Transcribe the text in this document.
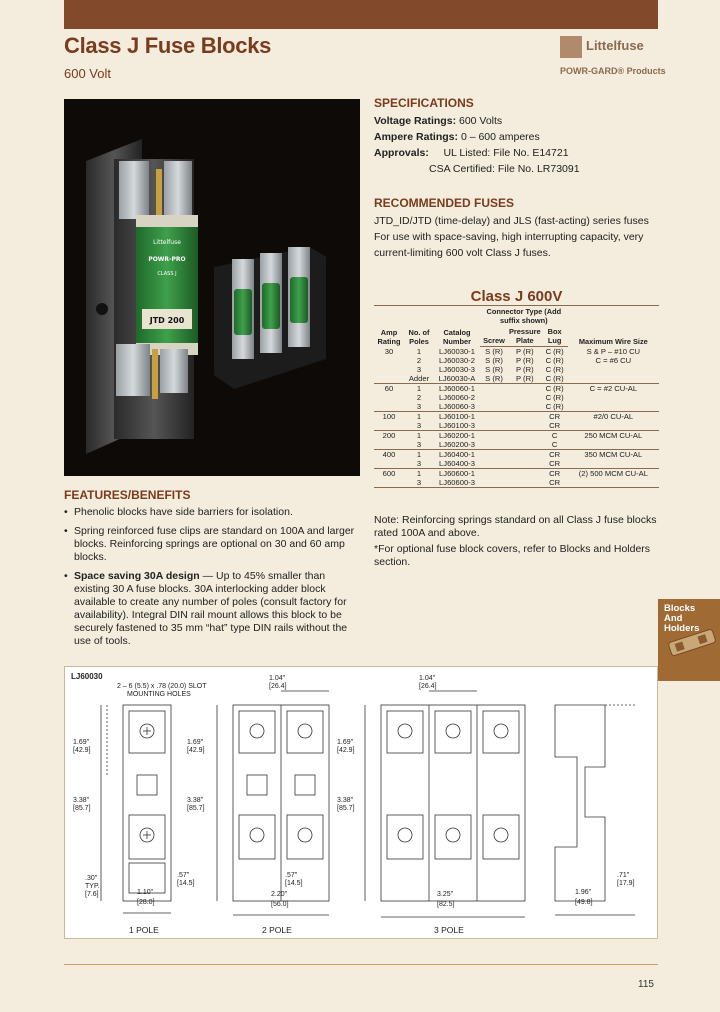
Class J Fuse Blocks
600 Volt
Littelfuse
POWR-GARD® Products
JTD 200
Littelfuse
POWR-PRO
CLASS J
SPECIFICATIONS
Voltage Ratings: 600 Volts
Ampere Ratings: 0 – 600 amperes
Approvals: UL Listed: File No. E14721
CSA Certified: File No. LR73091
RECOMMENDED FUSES
JTD_ID/JTD (time-delay) and JLS (fast-acting) series fuses
For use with space-saving, high interrupting capacity, very current-limiting 600 volt Class J fuses.
Class J 600V
Amp Rating	No. of Poles	Catalog Number	Connector Type (Add suffix shown)			Maximum Wire Size
			Screw	Pressure Plate	Box Lug	
30	1	LJ60030-1	S (R)	P (R)	C (R)	S & P – #10 CU
	2	LJ60030-2	S (R)	P (R)	C (R)	C = #6 CU
	3	LJ60030-3	S (R)	P (R)	C (R)	
	Adder	LJ60030-A	S (R)	P (R)	C (R)	
60	1	LJ60060-1			C (R)	C = #2 CU-AL
	2	LJ60060-2			C (R)	
	3	LJ60060-3			C (R)	
100	1	LJ60100-1			CR	#2/0 CU-AL
	3	LJ60100-3			CR	
200	1	LJ60200-1			C	250 MCM CU-AL
	3	LJ60200-3			C	
400	1	LJ60400-1			CR	350 MCM CU-AL
	3	LJ60400-3			CR	
600	1	LJ60600-1			CR	(2) 500 MCM CU-AL
	3	LJ60600-3			CR	

Note: Reinforcing springs standard on all Class J fuse blocks rated 100A and above.

*For optional fuse block covers, refer to Blocks and Holders section.

FEATURES/BENEFITS
• Phenolic blocks have side barriers for isolation.
• Spring reinforced fuse clips are standard on 100A and larger blocks. Reinforcing springs are optional on 30 and 60 amp blocks.
• Space saving 30A design — Up to 45% smaller than existing 30 A fuse blocks. 30A interlocking adder block available to create any number of poles (consult factory for availability). Integral DIN rail mount allows this block to be securely fastened to 35 mm “hat” type DIN rails without the use of tools.
Blocks
And
Holders
LJ60030
2 – 6 (5.5) x .78 (20.0) SLOT
MOUNTING HOLES
1.69"
[42.9]
3.38"
[85.7]
.30"
TYP.
[7.6]	1.10"
[28.0]
.57"
[14.5]
1.04"
[26.4]
1.69"
[42.9]
3.38"
[85.7]
.57"
[14.5]
2.20"
[56.0]
1.04"
[26.4]
1.69"
[42.9]
3.38"
[85.7]
3.25"
[82.5]
.71"
[17.9]
1.96"
[49.8]
1 POLE	2 POLE	3 POLE
115
